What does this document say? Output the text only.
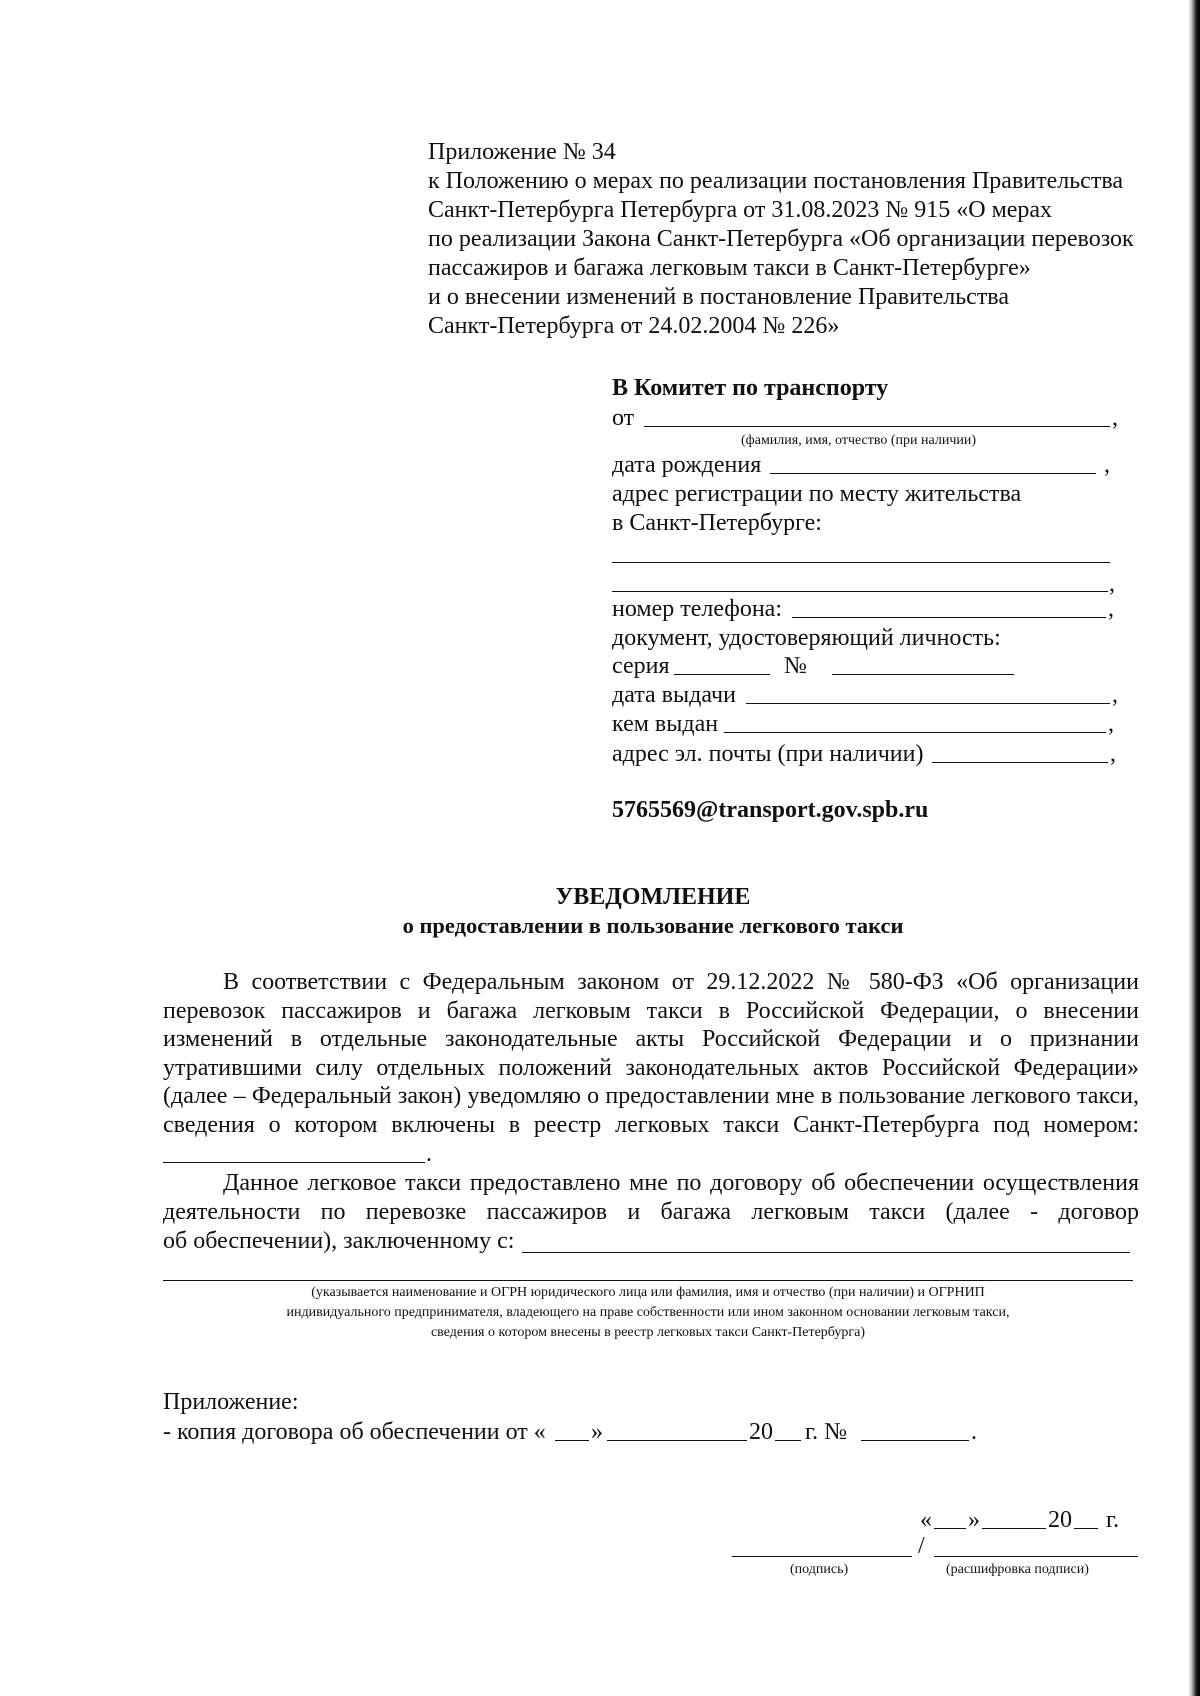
Приложение № 34
к Положению о мерах по реализации постановления Правительства
Санкт-Петербурга Петербурга от 31.08.2023 № 915 «О мерах
по реализации Закона Санкт-Петербурга «Об организации перевозок
пассажиров и багажа легковым такси в Санкт-Петербурге»
и о внесении изменений в постановление Правительства
Санкт-Петербурга от 24.02.2004 № 226»
В Комитет по транспорту
от	,
(фамилия, имя, отчество (при наличии)
дата рождения	,
адрес регистрации по месту жительства
в Санкт-Петербурге:
,
номер телефона:	,
документ, удостоверяющий личность:
серия	№
дата выдачи	,
кем выдан	,
адрес эл. почты (при наличии)	,
5765569@transport.gov.spb.ru
УВЕДОМЛЕНИЕ
о предоставлении в пользование легкового такси
В соответствии с Федеральным законом от 29.12.2022 № 580-ФЗ «Об организации
перевозок пассажиров и багажа легковым такси в Российской Федерации, о внесении
изменений в отдельные законодательные акты Российской Федерации и о признании
утратившими силу отдельных положений законодательных актов Российской Федерации»
(далее – Федеральный закон) уведомляю о предоставлении мне в пользование легкового такси,
сведения о котором включены в реестр легковых такси Санкт-Петербурга под номером:
.
Данное легковое такси предоставлено мне по договору об обеспечении осуществления
деятельности по перевозке пассажиров и багажа легковым такси (далее - договор
об обеспечении), заключенному с:
(указывается наименование и ОГРН юридического лица или фамилия, имя и отчество (при наличии) и ОГРНИП
индивидуального предпринимателя, владеющего на праве собственности или ином законном основании легковым такси,
сведения о котором внесены в реестр легковых такси Санкт-Петербурга)
Приложение:
- копия договора об обеспечении от « »	20 г. №	.
« »	20 г.
/
(подпись)	(расшифровка подписи)
